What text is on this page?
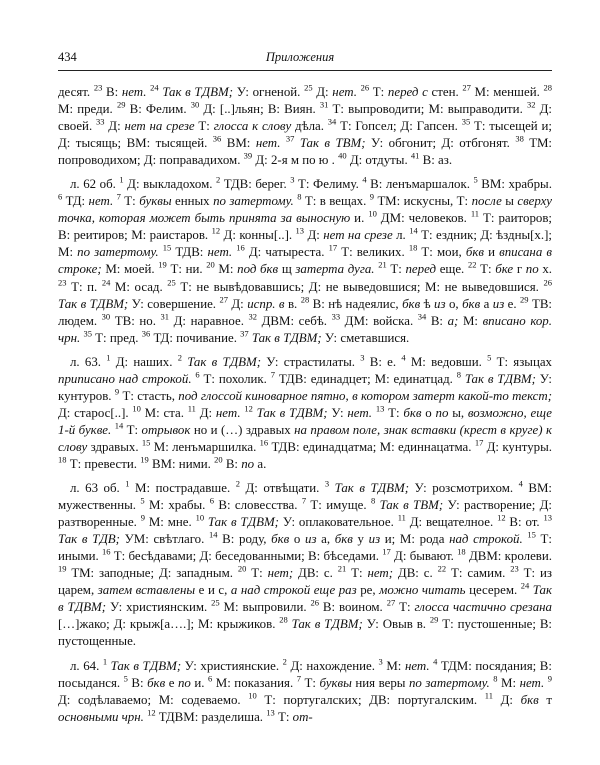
434	Приложения

десят. $^{23}$ В: нет. $^{24}$ Так в ТДВМ; У: огненой. $^{25}$ Д: нет. $^{26}$ Т: перед с стен. $^{27}$ М: меншей. $^{28}$ М: преди. $^{29}$ В: Фелим. $^{30}$ Д: [..]льян; В: Виян. $^{31}$ Т: выпроводити; М: выправодити. $^{32}$ Д: своей. $^{33}$ Д: нет на срезе Т: глосса к слову дѣла. $^{34}$ Т: Гопсел; Д: Гапсен. $^{35}$ Т: тысещей и; Д: тысящь; ВМ: тысящей. $^{36}$ ВМ: нет. $^{37}$ Так в ТВМ; У: обгонит; Д: отбгонят. $^{38}$ ТМ: попроводихом; Д: поправадихом. $^{39}$ Д: 2-я м по ю . $^{40}$ Д: отдуты. $^{41}$ В: аз.

л. 62 об. $^1$ Д: выкладохом. $^2$ ТДВ: берег. $^3$ Т: Фелиму. $^4$ В: ленъмаршалок. $^5$ ВМ: храбры. $^6$ ТД: нет. $^7$ Т: буквы енных по затертому. $^8$ Т: в вещах. $^9$ ТМ: искусны, Т: после ы сверху точка, которая может быть принята за выносную и. $^{10}$ ДМ: человеков. $^{11}$ Т: раиторов; В: реитиров; М: раистаров. $^{12}$ Д: конны[..]. $^{13}$ Д: нет на срезе л. $^{14}$ Т: ездник; Д: ѣздны[х.]; М: по затертому. $^{15}$ ТДВ: нет. $^{16}$ Д: чатыреста. $^{17}$ Т: великих. $^{18}$ Т: мои, бкв и вписана в строке; М: моей. $^{19}$ Т: ни. $^{20}$ М: под бкв щ затерта дуга. $^{21}$ Т: перед еще. $^{22}$ Т: бке г по х. $^{23}$ Т: п. $^{24}$ М: осад. $^{25}$ Т: не вывѣдовавшись; Д: не выведовшися; М: не выведовшися. $^{26}$ Так в ТДВМ; У: совершение. $^{27}$ Д: испр. в в. $^{28}$ В: нѣ надеялис, бкв ѣ из о, бкв а из е. $^{29}$ ТВ: людем. $^{30}$ ТВ: но. $^{31}$ Д: наравное. $^{32}$ ДВМ: себѣ. $^{33}$ ДМ: войска. $^{34}$ В: а; М: вписано кор. чрн. $^{35}$ Т: пред. $^{36}$ ТД: почивание. $^{37}$ Так в ТДВМ; У: сметавшися.

л. 63. $^1$ Д: наших. $^2$ Так в ТДВМ; У: страстилаты. $^3$ В: е. $^4$ М: ведовши. $^5$ Т: языцах приписано над строкой. $^6$ Т: похолик. $^7$ ТДВ: единадцет; М: единатцад. $^8$ Так в ТДВМ; У: кунтуров. $^9$ Т: стасть, под глоссой киноварное пятно, в котором затерт какой-то текст; Д: старос[..]. $^{10}$ М: ста. $^{11}$ Д: нет. $^{12}$ Так в ТДВМ; У: нет. $^{13}$ Т: бкв о по ы, возможно, еще 1-й букве. $^{14}$ Т: отрывок но и (…) здравых на правом поле, знак вставки (крест в круге) к слову здравых. $^{15}$ М: ленъмаршилка. $^{16}$ ТДВ: единадцатма; М: единнацатма. $^{17}$ Д: кунтуры. $^{18}$ Т: превести. $^{19}$ ВМ: ними. $^{20}$ В: по а.

л. 63 об. $^1$ М: пострадавше. $^2$ Д: отвѣщати. $^3$ Так в ТДВМ; У: розсмотрихом. $^4$ ВМ: мужественны. $^5$ М: храбы. $^6$ В: словесства. $^7$ Т: имуще. $^8$ Так в ТВМ; У: растворение; Д: разтворенные. $^9$ М: мне. $^{10}$ Так в ТДВМ; У: оплаковательное. $^{11}$ Д: вещателное. $^{12}$ В: от. $^{13}$ Так в ТДВ; УМ: свѣтлаго. $^{14}$ В: роду, бкв о из а, бкв у из и; М: рода над строкой. $^{15}$ Т: иными. $^{16}$ Т: бесѣдавами; Д: беседованными; В: бѣседами. $^{17}$ Д: бывают. $^{18}$ ДВМ: кролеви. $^{19}$ ТМ: заподные; Д: западным. $^{20}$ Т: нет; ДВ: с. $^{21}$ Т: нет; ДВ: с. $^{22}$ Т: самим. $^{23}$ Т: из царем, затем вставлены е и с, а над строкой еще раз ре, можно читать цесерем. $^{24}$ Так в ТДВМ; У: християнским. $^{25}$ М: выпровили. $^{26}$ В: воином. $^{27}$ Т: глосса частично срезана […]жако; Д: крыж[а….]; М: крыжиков. $^{28}$ Так в ТДВМ; У: Овыв в. $^{29}$ Т: пустошенные; В: пустощенные.

л. 64. $^1$ Так в ТДВМ; У: християнские. $^2$ Д: нахождение. $^3$ М: нет. $^4$ ТДМ: посядания; В: посыданся. $^5$ В: бкв е по и. $^6$ М: показания. $^7$ Т: буквы ния веры по затертому. $^8$ М: нет. $^9$ Д: содѣлаваемо; М: содеваемо. $^{10}$ Т: португалских; ДВ: португалским. $^{11}$ Д: бкв т основными чрн. $^{12}$ ТДВМ: разделиша. $^{13}$ Т: от-
